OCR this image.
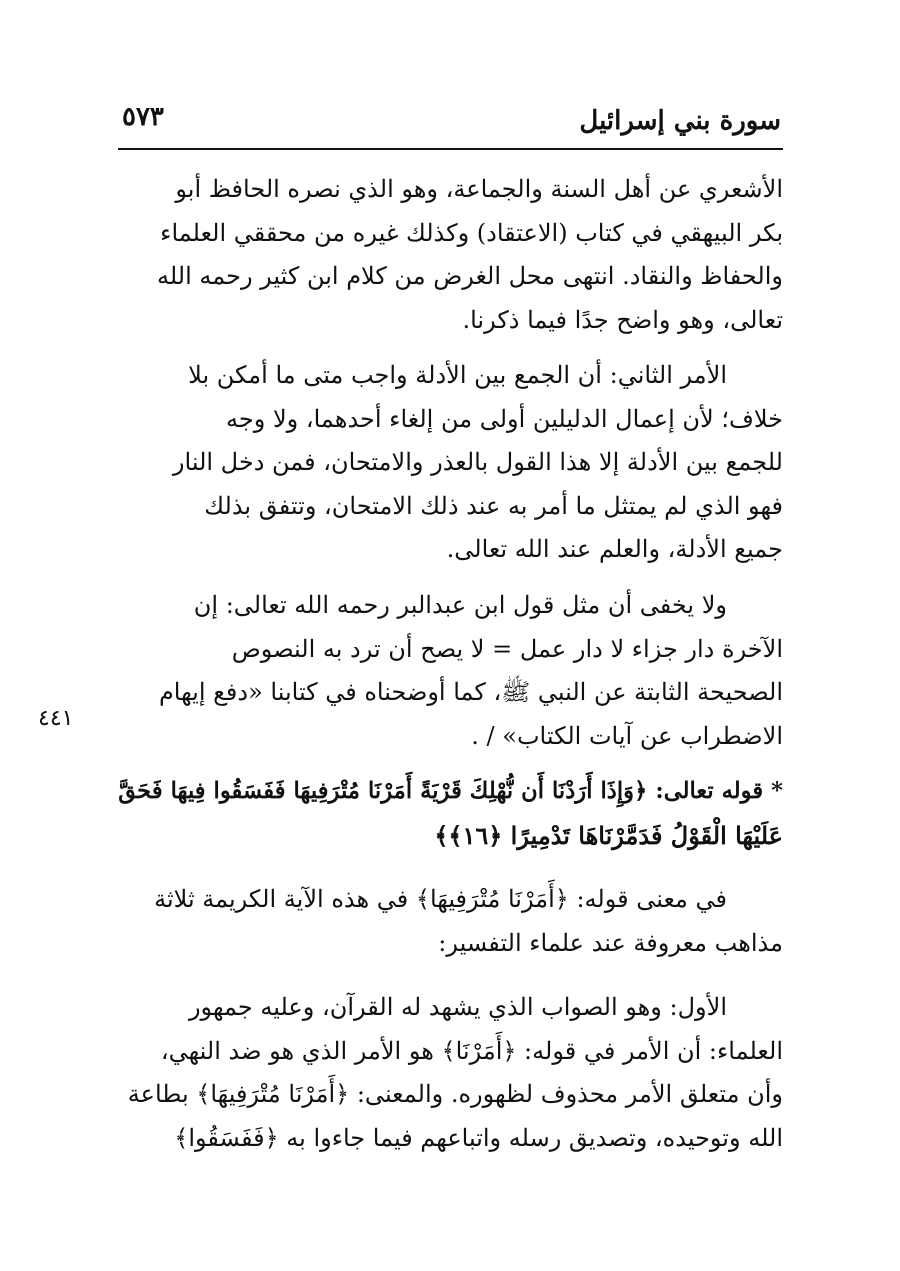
سورة بني إسرائيل
٥٧٣
٤٤١

الأشعري عن أهل السنة والجماعة، وهو الذي نصره الحافظ أبو
بكر البيهقي في كتاب (الاعتقاد) وكذلك غيره من محققي العلماء
والحفاظ والنقاد. انتهى محل الغرض من كلام ابن كثير رحمه الله
تعالى، وهو واضح جدًا فيما ذكرنا.

الأمر الثاني: أن الجمع بين الأدلة واجب متى ما أمكن بلا
خلاف؛ لأن إعمال الدليلين أولى من إلغاء أحدهما، ولا وجه
للجمع بين الأدلة إلا هذا القول بالعذر والامتحان، فمن دخل النار
فهو الذي لم يمتثل ما أمر به عند ذلك الامتحان، وتتفق بذلك
جميع الأدلة، والعلم عند الله تعالى.

ولا يخفى أن مثل قول ابن عبدالبر رحمه الله تعالى: إن
الآخرة دار جزاء لا دار عمل = لا يصح أن ترد به النصوص
الصحيحة الثابتة عن النبي ﷺ، كما أوضحناه في كتابنا «دفع إيهام
الاضطراب عن آيات الكتاب» / .

* قوله تعالى: ﴿وَإِذَا أَرَدْنَا أَن نُّهْلِكَ قَرْيَةً أَمَرْنَا مُتْرَفِيهَا فَفَسَقُوا فِيهَا فَحَقَّ
عَلَيْهَا الْقَوْلُ فَدَمَّرْنَاهَا تَدْمِيرًا ﴿١٦﴾﴾

في معنى قوله: ﴿أَمَرْنَا مُتْرَفِيهَا﴾ في هذه الآية الكريمة ثلاثة
مذاهب معروفة عند علماء التفسير:

الأول: وهو الصواب الذي يشهد له القرآن، وعليه جمهور
العلماء: أن الأمر في قوله: ﴿أَمَرْنَا﴾ هو الأمر الذي هو ضد النهي،
وأن متعلق الأمر محذوف لظهوره. والمعنى: ﴿أَمَرْنَا مُتْرَفِيهَا﴾ بطاعة
الله وتوحيده، وتصديق رسله واتباعهم فيما جاءوا به ﴿فَفَسَقُوا﴾
